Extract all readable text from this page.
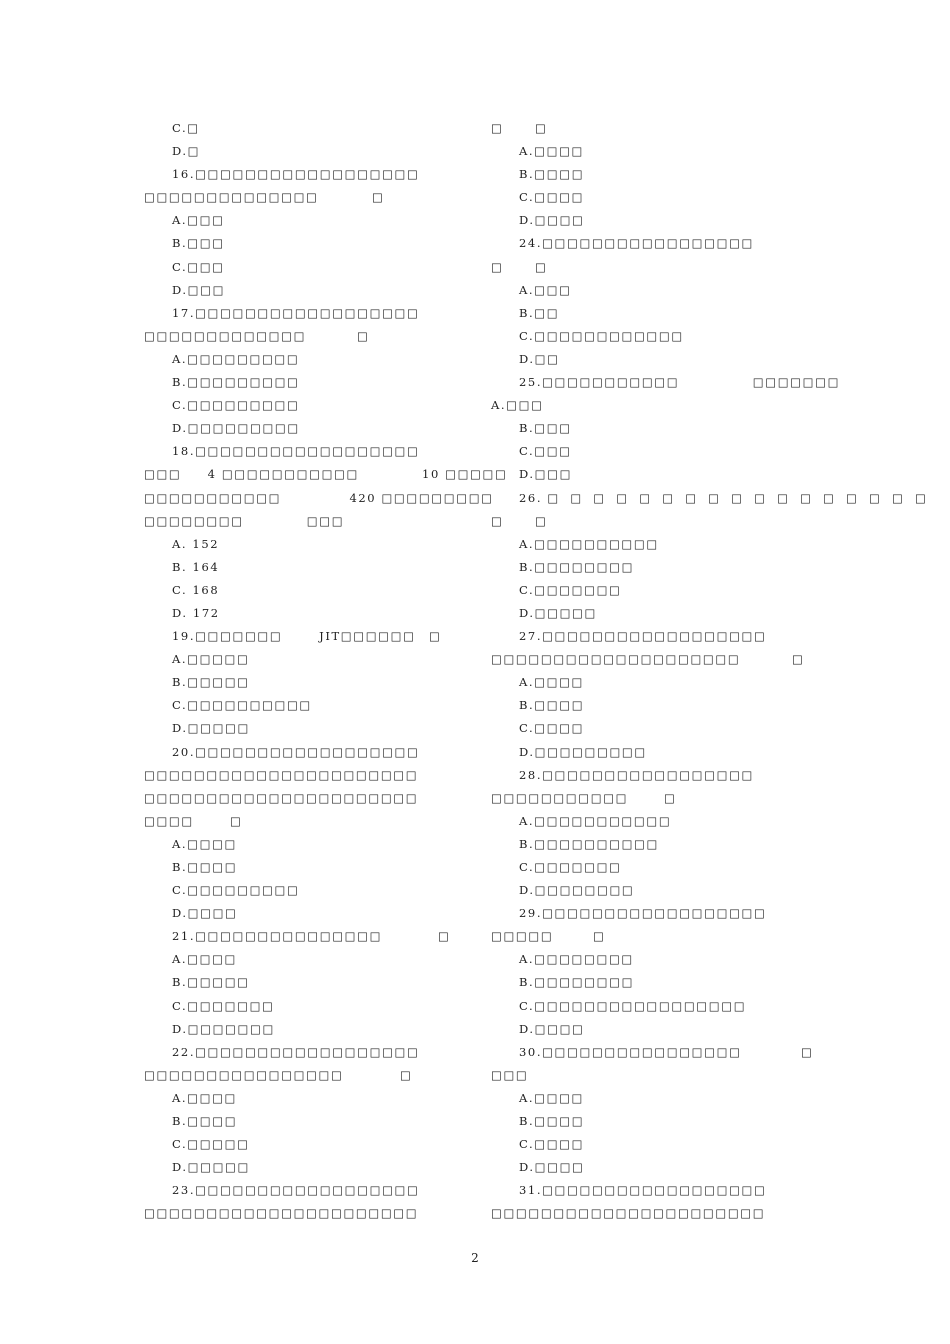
C.□
D.□
16.□□□□□□□□□□□□□□□□□□
□□□□□□□□□□□□□□	□
A.□□□
B.□□□
C.□□□
D.□□□
17.□□□□□□□□□□□□□□□□□□
□□□□□□□□□□□□□	□
A.□□□□□□□□□
B.□□□□□□□□□
C.□□□□□□□□□
D.□□□□□□□□□
18.□□□□□□□□□□□□□□□□□□
□□□     4 □□□□□□□□□□□            10 □□□□□
□□□□□□□□□□□             420 □□□□□□□□□
□□□□□□□□            □□□
A. 152
B. 164
C. 168
D. 172
19.□□□□□□□       JIT□□□□□□ □
A.□□□□□
B.□□□□□
C.□□□□□□□□□□
D.□□□□□
20.□□□□□□□□□□□□□□□□□□
□□□□□□□□□□□□□□□□□□□□□□
□□□□□□□□□□□□□□□□□□□□□□
□□□□	□
A.□□□□
B.□□□□
C.□□□□□□□□□
D.□□□□
21.□□□□□□□□□□□□□□□	□
A.□□□□
B.□□□□□
C.□□□□□□□
D.□□□□□□□
22.□□□□□□□□□□□□□□□□□□
□□□□□□□□□□□□□□□□	□
A.□□□□
B.□□□□
C.□□□□□
D.□□□□□
23.□□□□□□□□□□□□□□□□□□
□□□□□□□□□□□□□□□□□□□□□□
□	□
A.□□□□
B.□□□□
C.□□□□
D.□□□□
24.□□□□□□□□□□□□□□□□□
□	□
A.□□□
B.□□
C.□□□□□□□□□□□□
D.□□
25.□□□□□□□□□□□              □□□□□□□
A.□□□
B.□□□
C.□□□
D.□□□
26. □  □  □  □  □  □  □  □  □  □  □  □  □  □  □  □  □
□	□
A.□□□□□□□□□□
B.□□□□□□□□
C.□□□□□□□
D.□□□□□
27.□□□□□□□□□□□□□□□□□□
□□□□□□□□□□□□□□□□□□□□	□
A.□□□□
B.□□□□
C.□□□□
D.□□□□□□□□□
28.□□□□□□□□□□□□□□□□□
□□□□□□□□□□□	□
A.□□□□□□□□□□□
B.□□□□□□□□□□
C.□□□□□□□
D.□□□□□□□□
29.□□□□□□□□□□□□□□□□□□
□□□□□	□
A.□□□□□□□□
B.□□□□□□□□
C.□□□□□□□□□□□□□□□□□
D.□□□□
30.□□□□□□□□□□□□□□□□	□
□□□
A.□□□□
B.□□□□
C.□□□□
D.□□□□
31.□□□□□□□□□□□□□□□□□□
□□□□□□□□□□□□□□□□□□□□□□
2
